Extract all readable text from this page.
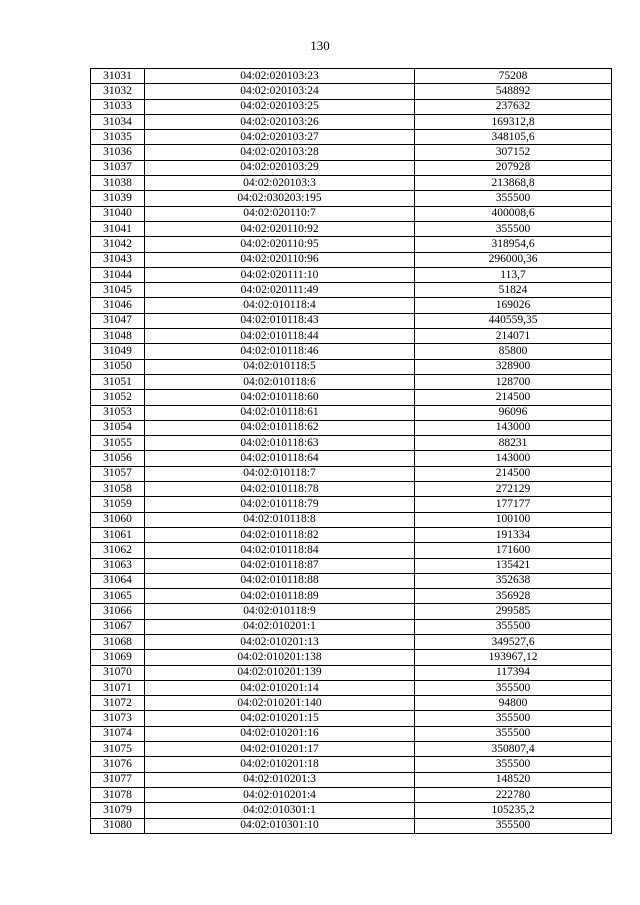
130
31031	04:02:020103:23	75208
31032	04:02:020103:24	548892
31033	04:02:020103:25	237632
31034	04:02:020103:26	169312,8
31035	04:02:020103:27	348105,6
31036	04:02:020103:28	307152
31037	04:02:020103:29	207928
31038	04:02:020103:3	213868,8
31039	04:02:030203:195	355500
31040	04:02:020110:7	400008,6
31041	04:02:020110:92	355500
31042	04:02:020110:95	318954,6
31043	04:02:020110:96	296000,36
31044	04:02:020111:10	113,7
31045	04:02:020111:49	51824
31046	04:02:010118:4	169026
31047	04:02:010118:43	440559,35
31048	04:02:010118:44	214071
31049	04:02:010118:46	85800
31050	04:02:010118:5	328900
31051	04:02:010118:6	128700
31052	04:02:010118:60	214500
31053	04:02:010118:61	96096
31054	04:02:010118:62	143000
31055	04:02:010118:63	88231
31056	04:02:010118:64	143000
31057	04:02:010118:7	214500
31058	04:02:010118:78	272129
31059	04:02:010118:79	177177
31060	04:02:010118:8	100100
31061	04:02:010118:82	191334
31062	04:02:010118:84	171600
31063	04:02:010118:87	135421
31064	04:02:010118:88	352638
31065	04:02:010118:89	356928
31066	04:02:010118:9	299585
31067	04:02:010201:1	355500
31068	04:02:010201:13	349527,6
31069	04:02:010201:138	193967,12
31070	04:02:010201:139	117394
31071	04:02:010201:14	355500
31072	04:02:010201:140	94800
31073	04:02:010201:15	355500
31074	04:02:010201:16	355500
31075	04:02:010201:17	350807,4
31076	04:02:010201:18	355500
31077	04:02:010201:3	148520
31078	04:02:010201:4	222780
31079	04:02:010301:1	105235,2
31080	04:02:010301:10	355500
